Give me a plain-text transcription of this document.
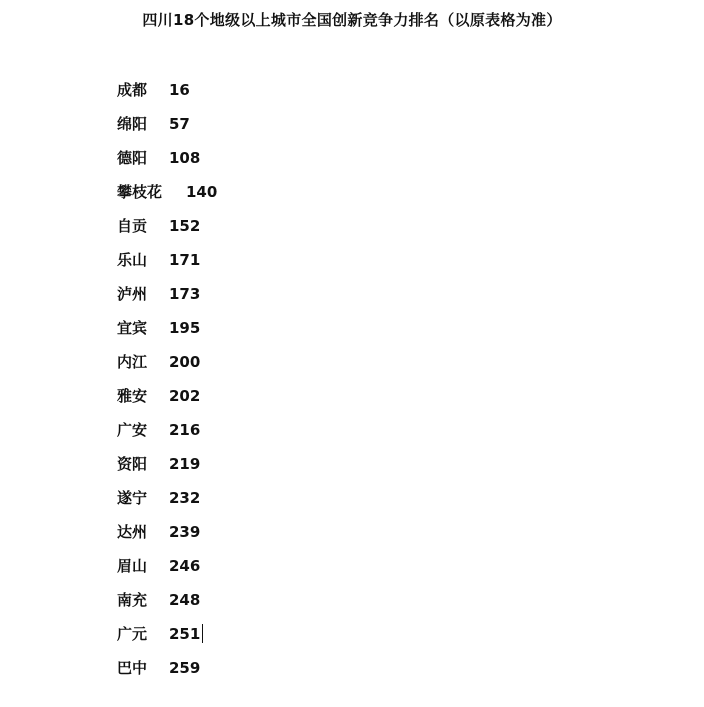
四川18个地级以上城市全国创新竞争力排名（以原表格为准）
成都 16
绵阳 57
德阳 108
攀枝花 140
自贡 152
乐山 171
泸州 173
宜宾 195
内江 200
雅安 202
广安 216
资阳 219
遂宁 232
达州 239
眉山 246
南充 248
广元 251
巴中 259
